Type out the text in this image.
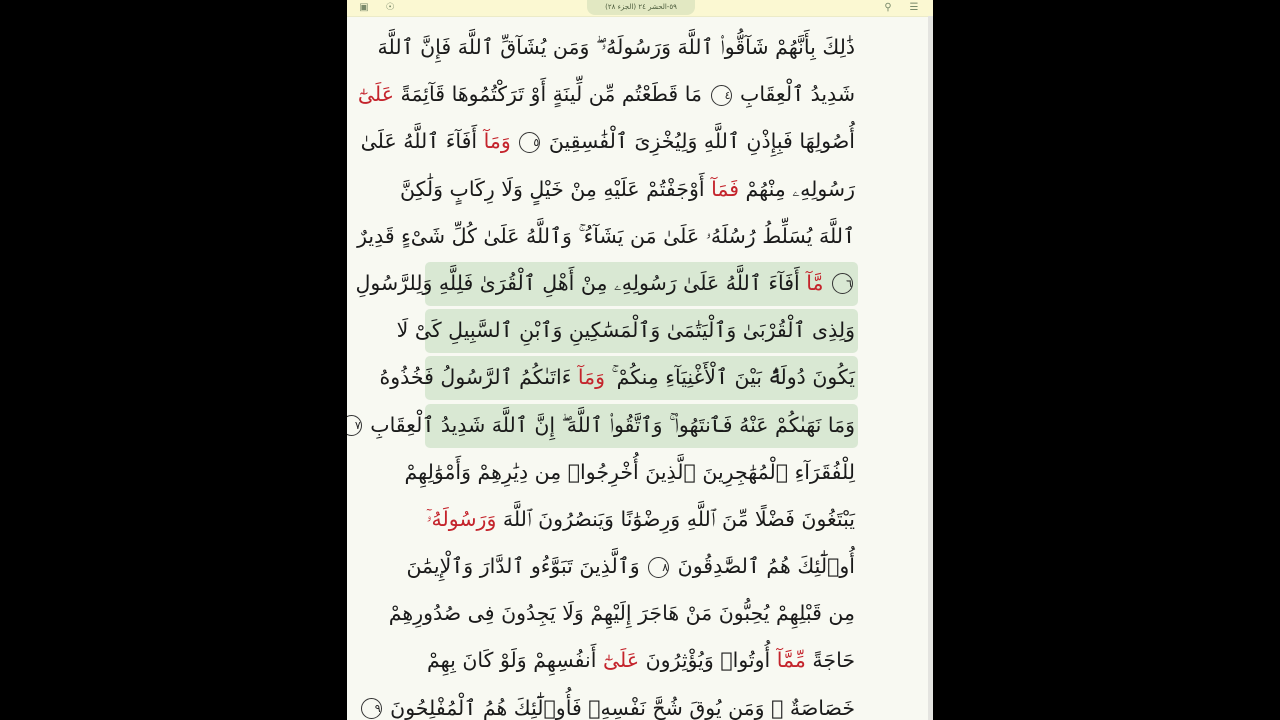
▣ ☉	٥٩-الحشر ٢٤ (الجزء ٢٨)	⚲	☰
ذَٰلِكَ بِأَنَّهُمْ شَآقُّوا۟ ٱللَّهَ وَرَسُولَهُۥ ۖ وَمَن يُشَآقِّ ٱللَّهَ فَإِنَّ ٱللَّهَ
شَدِيدُ ٱلْعِقَابِ ٤ مَا قَطَعْتُم مِّن لِّينَةٍ أَوْ تَرَكْتُمُوهَا قَآئِمَةً عَلَىٰٓ
أُصُولِهَا فَبِإِذْنِ ٱللَّهِ وَلِيُخْزِىَ ٱلْفَٰسِقِينَ ٥ وَمَآ أَفَآءَ ٱللَّهُ عَلَىٰ
رَسُولِهِۦ مِنْهُمْ فَمَآ أَوْجَفْتُمْ عَلَيْهِ مِنْ خَيْلٍ وَلَا رِكَابٍ وَلَٰكِنَّ
ٱللَّهَ يُسَلِّطُ رُسُلَهُۥ عَلَىٰ مَن يَشَآءُ ۚ وَٱللَّهُ عَلَىٰ كُلِّ شَىْءٍ قَدِيرٌ
٦ مَّآ أَفَآءَ ٱللَّهُ عَلَىٰ رَسُولِهِۦ مِنْ أَهْلِ ٱلْقُرَىٰ فَلِلَّهِ وَلِلرَّسُولِ
وَلِذِى ٱلْقُرْبَىٰ وَٱلْيَتَٰمَىٰ وَٱلْمَسَٰكِينِ وَٱبْنِ ٱلسَّبِيلِ كَىْ لَا
يَكُونَ دُولَةًۢ بَيْنَ ٱلْأَغْنِيَآءِ مِنكُمْ ۚ وَمَآ ءَاتَىٰكُمُ ٱلرَّسُولُ فَخُذُوهُ
وَمَا نَهَىٰكُمْ عَنْهُ فَٱنتَهُوا۟ ۚ وَٱتَّقُوا۟ ٱللَّهَ ۖ إِنَّ ٱللَّهَ شَدِيدُ ٱلْعِقَابِ ٧
لِلْفُقَرَآءِ ٱلْمُهَٰجِرِينَ ٱلَّذِينَ أُخْرِجُوا۟ مِن دِيَٰرِهِمْ وَأَمْوَٰلِهِمْ
يَبْتَغُونَ فَضْلًا مِّنَ ٱللَّهِ وَرِضْوَٰنًا وَيَنصُرُونَ ٱللَّهَ وَرَسُولَهُۥٓ
أُو۟لَٰٓئِكَ هُمُ ٱلصَّٰدِقُونَ ٨ وَٱلَّذِينَ تَبَوَّءُو ٱلدَّارَ وَٱلْإِيمَٰنَ
مِن قَبْلِهِمْ يُحِبُّونَ مَنْ هَاجَرَ إِلَيْهِمْ وَلَا يَجِدُونَ فِى صُدُورِهِمْ
حَاجَةً مِّمَّآ أُوتُوا۟ وَيُؤْثِرُونَ عَلَىٰٓ أَنفُسِهِمْ وَلَوْ كَانَ بِهِمْ
خَصَاصَةٌ ۚ وَمَن يُوقَ شُحَّ نَفْسِهِۦ فَأُو۟لَٰٓئِكَ هُمُ ٱلْمُفْلِحُونَ ٩
